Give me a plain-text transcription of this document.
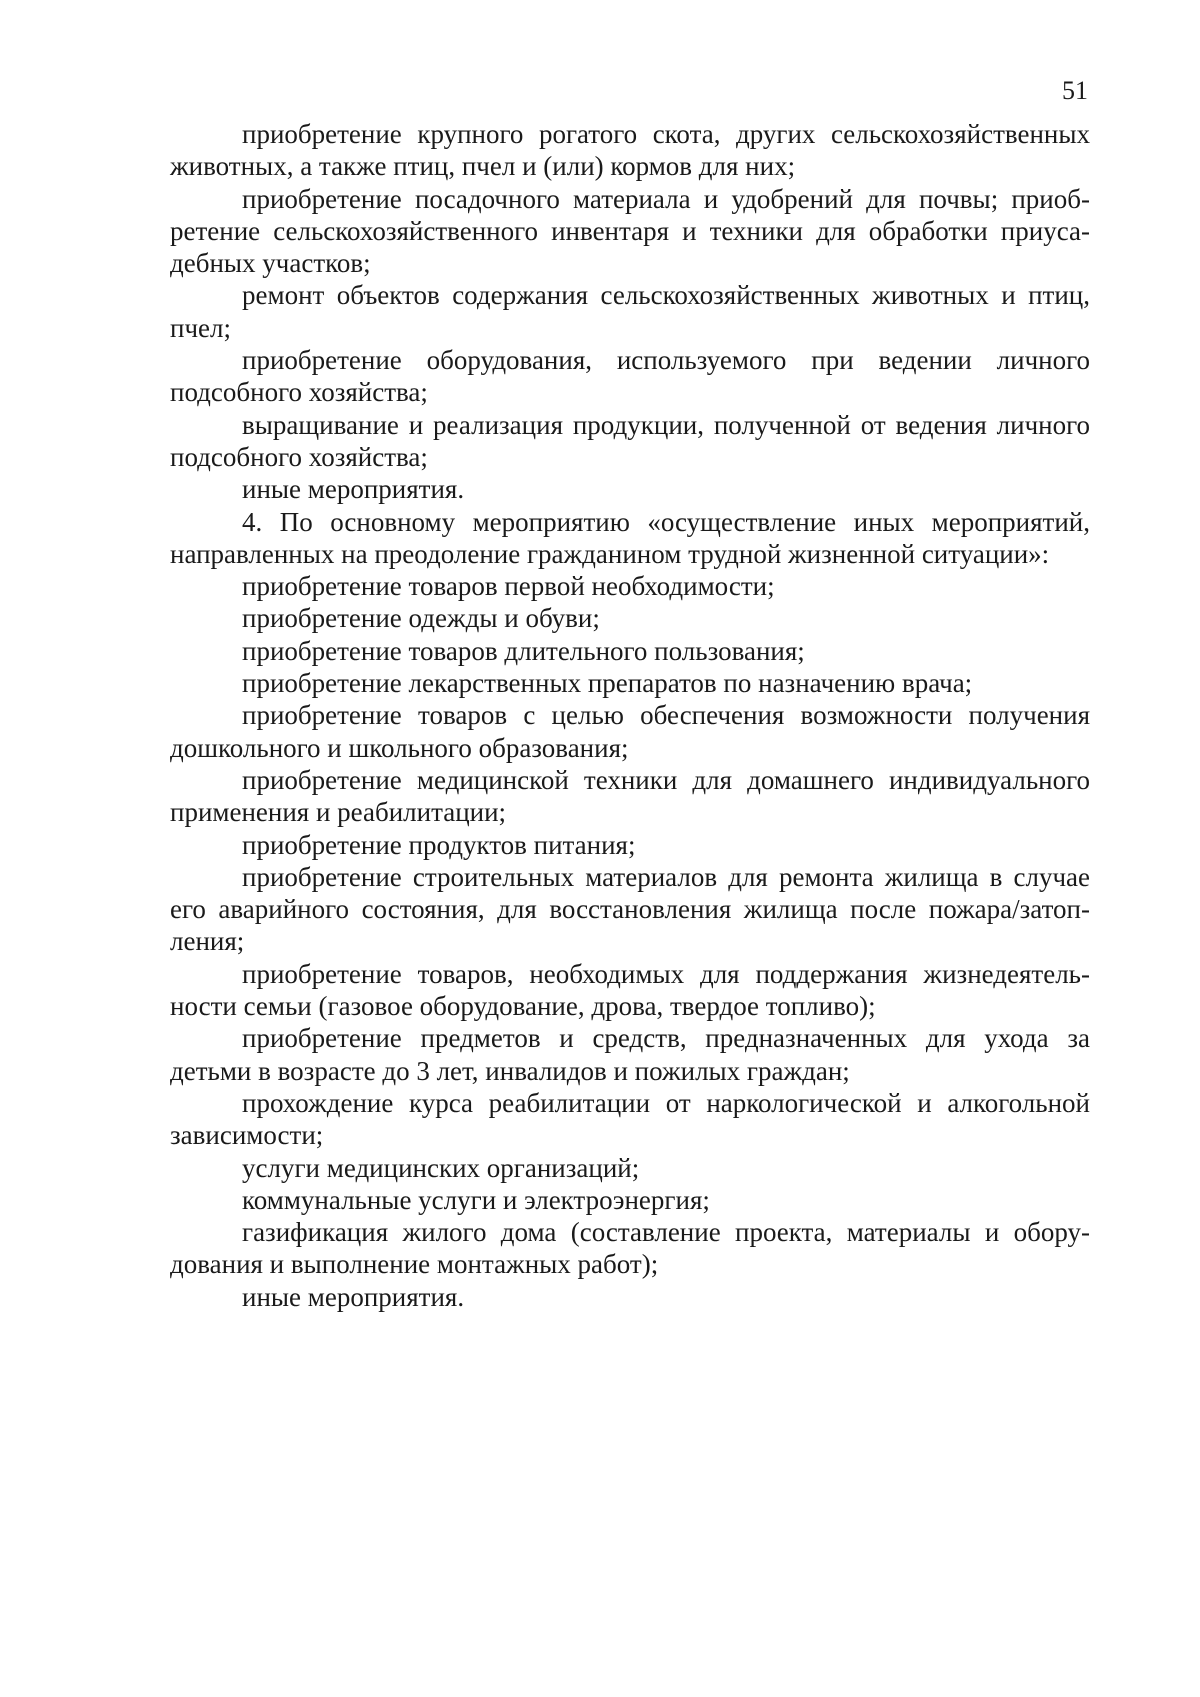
51

приобретение крупного рогатого скота, других сельскохозяйственных животных, а также птиц, пчел и (или) кормов для них;

приобретение посадочного материала и удобрений для почвы; приобретение сельскохозяйственного инвентаря и техники для обработки приусадебных участков;

ремонт объектов содержания сельскохозяйственных животных и птиц, пчел;

приобретение оборудования, используемого при ведении личного подсобного хозяйства;

выращивание и реализация продукции, полученной от ведения личного подсобного хозяйства;

иные мероприятия.

4. По основному мероприятию «осуществление иных мероприятий, направленных на преодоление гражданином трудной жизненной ситуации»:

приобретение товаров первой необходимости;

приобретение одежды и обуви;

приобретение товаров длительного пользования;

приобретение лекарственных препаратов по назначению врача;

приобретение товаров с целью обеспечения возможности получения дошкольного и школьного образования;

приобретение медицинской техники для домашнего индивидуального применения и реабилитации;

приобретение продуктов питания;

приобретение строительных материалов для ремонта жилища в случае его аварийного состояния, для восстановления жилища после пожара/затопления;

приобретение товаров, необходимых для поддержания жизнедеятельности семьи (газовое оборудование, дрова, твердое топливо);

приобретение предметов и средств, предназначенных для ухода за детьми в возрасте до 3 лет, инвалидов и пожилых граждан;

прохождение курса реабилитации от наркологической и алкогольной зависимости;

услуги медицинских организаций;

коммунальные услуги и электроэнергия;

газификация жилого дома (составление проекта, материалы и оборудования и выполнение монтажных работ);

иные мероприятия.
